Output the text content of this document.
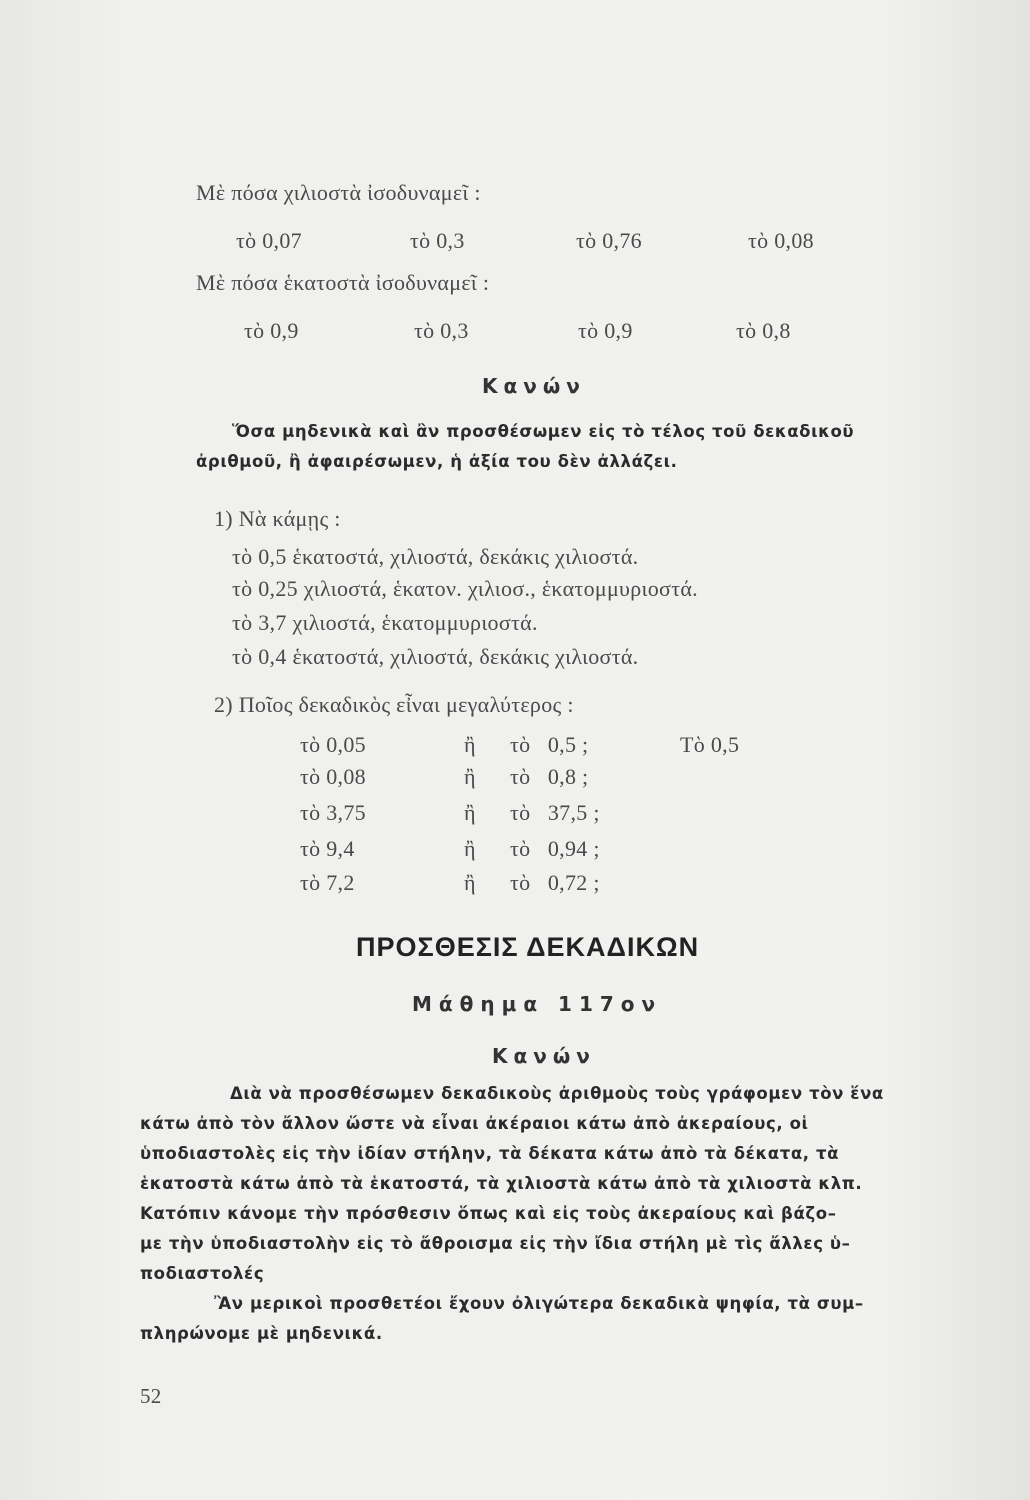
Μὲ πόσα χιλιοστὰ ἰσοδυναμεῖ :
τὸ 0,07	τὸ 0,3	τὸ 0,76	τὸ 0,08
Μὲ πόσα ἑκατοστὰ ἰσοδυναμεῖ :
τὸ 0,9	τὸ 0,3	τὸ 0,9	τὸ 0,8
Κανών
Ὅσα μηδενικὰ καὶ ἂν προσθέσωμεν εἰς τὸ τέλος τοῦ δεκαδικοῦ
ἀριθμοῦ, ἢ ἀφαιρέσωμεν, ἡ ἀξία του δὲν ἀλλάζει.
1) Νὰ κάμῃς :
τὸ 0,5 ἑκατοστά, χιλιοστά, δεκάκις χιλιοστά.
τὸ 0,25 χιλιοστά, ἑκατον. χιλιοσ., ἑκατομμυριοστά.
τὸ 3,7 χιλιοστά, ἑκατομμυριοστά.
τὸ 0,4 ἑκατοστά, χιλιοστά, δεκάκις χιλιοστά.
2) Ποῖος δεκαδικὸς εἶναι μεγαλύτερος :
τὸ 0,05	ἢ τὸ   0,5 ;	Τὸ 0,5
τὸ 0,08	ἢ τὸ   0,8 ;
τὸ 3,75	ἢ τὸ   37,5 ;
τὸ 9,4	ἢ τὸ   0,94 ;
τὸ 7,2	ἢ τὸ   0,72 ;
ΠΡΟΣΘΕΣΙΣ ΔΕΚΑΔΙΚΩΝ
Μάθημα 117ον
Κανών
Διὰ νὰ προσθέσωμεν δεκαδικοὺς ἀριθμοὺς τοὺς γράφομεν τὸν ἕνα
κάτω ἀπὸ τὸν ἄλλον ὥστε νὰ εἶναι ἀκέραιοι κάτω ἀπὸ ἀκεραίους, οἱ
ὑποδιαστολὲς εἰς τὴν ἰδίαν στήλην, τὰ δέκατα κάτω ἀπὸ τὰ δέκατα, τὰ
ἑκατοστὰ κάτω ἀπὸ τὰ ἑκατοστά, τὰ χιλιοστὰ κάτω ἀπὸ τὰ χιλιοστὰ κλπ.
Κατόπιν κάνομε τὴν πρόσθεσιν ὅπως καὶ εἰς τοὺς ἀκεραίους καὶ βάζο–
με τὴν ὑποδιαστολὴν εἰς τὸ ἄθροισμα εἰς τὴν ἴδια στήλη μὲ τὶς ἄλλες ὑ–
ποδιαστολές
Ἂν μερικοὶ προσθετέοι ἔχουν ὀλιγώτερα δεκαδικὰ ψηφία, τὰ συμ–
πληρώνομε μὲ μηδενικά.
52
